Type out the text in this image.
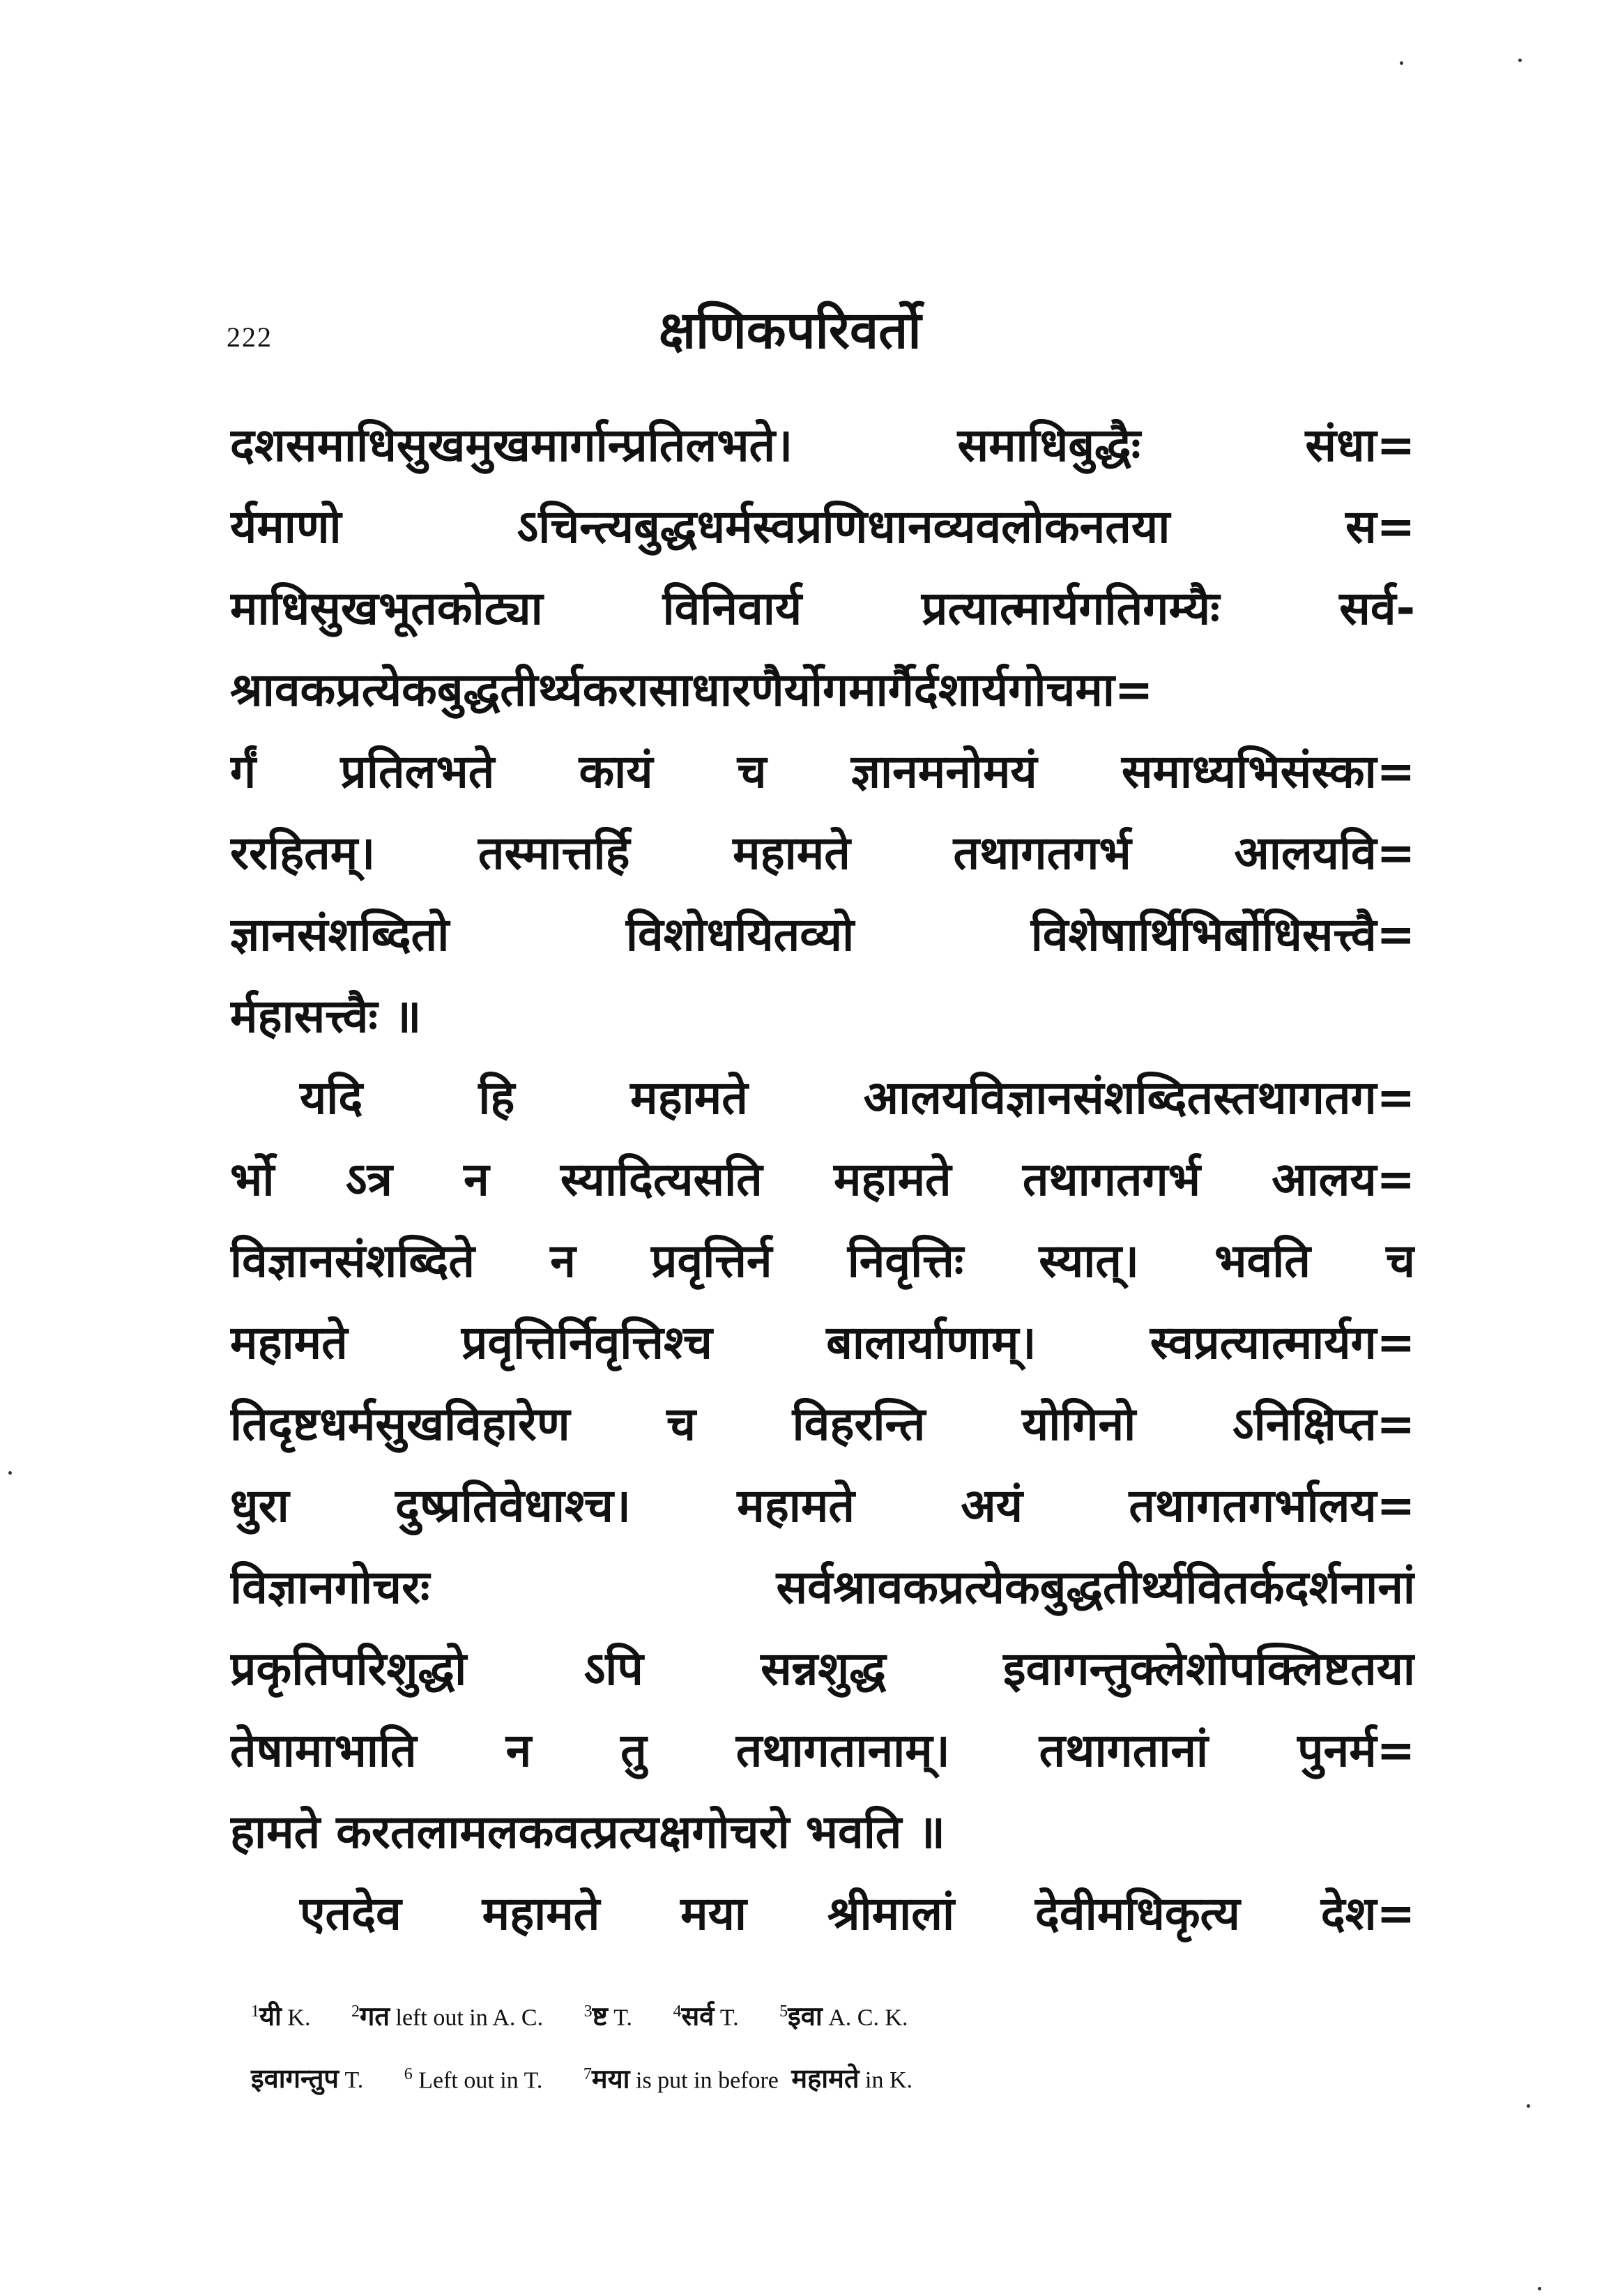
222	क्षणिकपरिवर्तो
दशसमाधिसुखमुखमार्गान्प्रतिलभते। समाधिबुद्धैः संधा=
र्यमाणो ऽचिन्त्यबुद्धधर्मस्वप्रणिधानव्यवलोकनतया स=
माधिसुखभूतकोट्या विनिवार्य प्रत्यात्मार्यगतिगम्यैः सर्व-
श्रावकप्रत्येकबुद्धतीर्थ्यकरासाधारणैर्योगमार्गैर्दशार्यगोचमा=
र्गं प्रतिलभते कायं च ज्ञानमनोमयं समाध्यभिसंस्का=
ररहितम्। तस्मात्तर्हि महामते तथागतगर्भ आलयवि=
ज्ञानसंशब्दितो विशोधयितव्यो विशेषार्थिभिर्बोधिसत्त्वै=
र्महासत्त्वैः ॥
यदि हि महामते आलयविज्ञानसंशब्दितस्तथागतग=
र्भो ऽत्र न स्यादित्यसति महामते तथागतगर्भ आलय=
विज्ञानसंशब्दिते न प्रवृत्तिर्न निवृत्तिः स्यात्। भवति च
महामते प्रवृत्तिर्निवृत्तिश्च बालार्याणाम्। स्वप्रत्यात्मार्यग=
तिदृष्टधर्मसुखविहारेण च विहरन्ति योगिनो ऽनिक्षिप्त=
धुरा दुष्प्रतिवेधाश्च। महामते अयं तथागतगर्भालय=
विज्ञानगोचरः सर्वश्रावकप्रत्येकबुद्धतीर्थ्यवितर्कदर्शनानां
प्रकृतिपरिशुद्धो ऽपि सन्नशुद्ध इवागन्तुक्लेशोपक्लिष्टतया
तेषामाभाति न तु तथागतानाम्। तथागतानां पुनर्म=
हामते करतलामलकवत्प्रत्यक्षगोचरो भवति ॥
एतदेव महामते मया श्रीमालां देवीमधिकृत्य देश=
$^1$यी K. $^2$गत left out in A. C. $^3$ष्ट T. $^4$सर्व T. $^5$इवा A. C. K.
इवागन्तुप T. $^6$ Left out in T. $^7$मया is put in before महामते in K.
